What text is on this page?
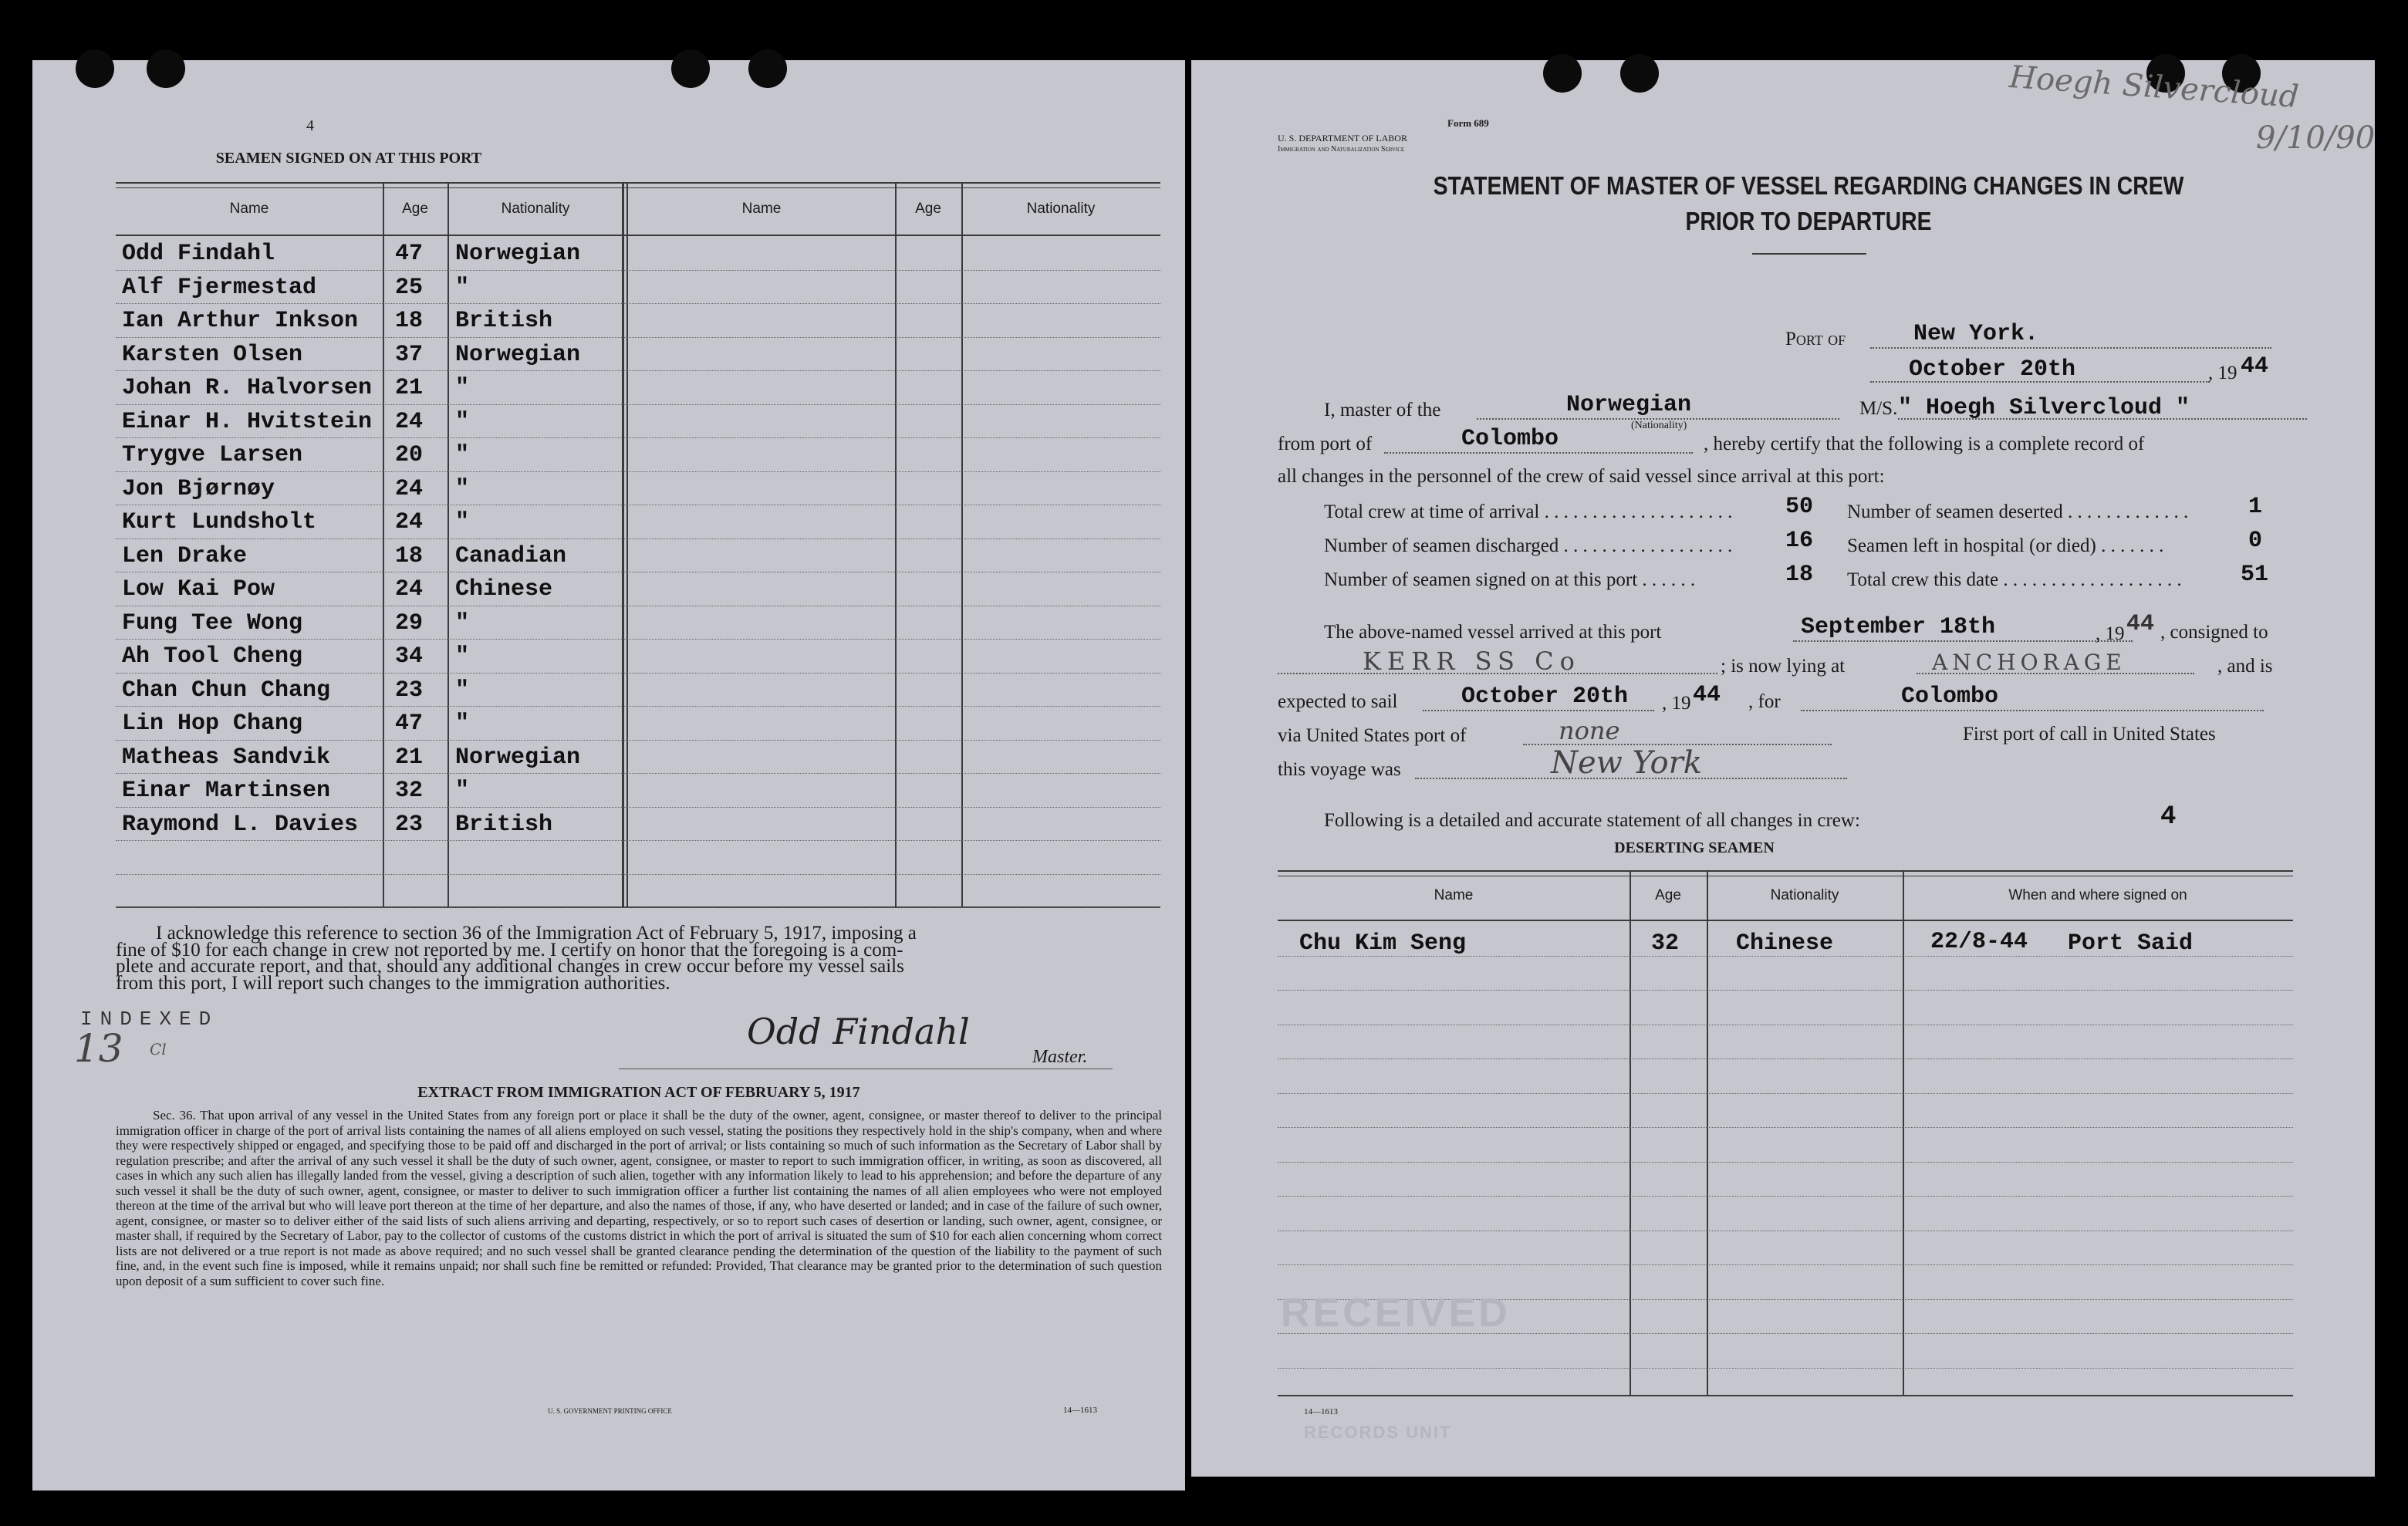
4
SEAMEN SIGNED ON AT THIS PORT
Name	Age	Nationality	Name	Age	Nationality
Odd Findahl	47 Norwegian
Alf Fjermestad	25 "
Ian Arthur Inkson 18 British
Karsten Olsen	37 Norwegian
Johan R. Halvorsen 21 "
Einar H. Hvitstein 24 "
Trygve Larsen	20 "
Jon Bjørnøy	24 "
Kurt Lundsholt	24 "
Len Drake	18 Canadian
Low Kai Pow	24 Chinese
Fung Tee Wong	29 "
Ah Tool Cheng	34 "
Chan Chun Chang	23 "
Lin Hop Chang	47 "
Matheas Sandvik	21 Norwegian
Einar Martinsen	32 "
Raymond L. Davies 23 British
I acknowledge this reference to section 36 of the Immigration Act of February 5, 1917, imposing a
fine of $10 for each change in crew not reported by me. I certify on honor that the foregoing is a com-
plete and accurate report, and that, should any additional changes in crew occur before my vessel sails
from this port, I will report such changes to the immigration authorities.
INDEXED
13 Cl	Odd Findahl
Master.
EXTRACT FROM IMMIGRATION ACT OF FEBRUARY 5, 1917
Sec. 36. That upon arrival of any vessel in the United States from any foreign port or place it shall be the duty of the owner, agent, consignee, or master thereof to deliver to the principal immigration officer in charge of the port of arrival lists containing the names of all aliens employed on such vessel, stating the positions they respectively hold in the ship's company, when and where they were respectively shipped or engaged, and specifying those to be paid off and discharged in the port of arrival; or lists containing so much of such information as the Secretary of Labor shall by regulation prescribe; and after the arrival of any such vessel it shall be the duty of such owner, agent, consignee, or master to report to such immigration officer, in writing, as soon as discovered, all cases in which any such alien has illegally landed from the vessel, giving a description of such alien, together with any information likely to lead to his apprehension; and before the departure of any such vessel it shall be the duty of such owner, agent, consignee, or master to deliver to such immigration officer a further list containing the names of all alien employees who were not employed thereon at the time of the arrival but who will leave port thereon at the time of her departure, and also the names of those, if any, who have deserted or landed; and in case of the failure of such owner, agent, consignee, or master so to deliver either of the said lists of such aliens arriving and departing, respectively, or so to report such cases of desertion or landing, such owner, agent, consignee, or master shall, if required by the Secretary of Labor, pay to the collector of customs of the customs district in which the port of arrival is situated the sum of $10 for each alien concerning whom correct lists are not delivered or a true report is not made as above required; and no such vessel shall be granted clearance pending the determination of the question of the liability to the payment of such fine, and, in the event such fine is imposed, while it remains unpaid; nor shall such fine be remitted or refunded: Provided, That clearance may be granted prior to the determination of such question upon deposit of a sum sufficient to cover such fine.
U. S. GOVERNMENT PRINTING OFFICE	14—1613
Hoegh Silvercloud
9/10/90
Form 689
U. S. DEPARTMENT OF LABOR
Immigration and Naturalization Service
STATEMENT OF MASTER OF VESSEL REGARDING CHANGES IN CREW
PRIOR TO DEPARTURE
Port of	New York.
October 20th	, 19 44
I, master of the	Norwegian
(Nationality)
M/S. " Hoegh Silvercloud "
from port of	Colombo	, hereby certify that the following is a complete record of
all changes in the personnel of the crew of said vessel since arrival at this port:
Total crew at time of arrival . . . . . . . . . . . . . . . . . . . .	50
Number of seamen discharged . . . . . . . . . . . . . . . . . .	16
Number of seamen signed on at this port . . . . . .	18
Number of seamen deserted . . . . . . . . . . . . .	1
Seamen left in hospital (or died) . . . . . . .	0
Total crew this date . . . . . . . . . . . . . . . . . . .	51
The above-named vessel arrived at this port	September 18th	, 19 44 , consigned to
KERR SS Co	; is now lying at	ANCHORAGE	, and is
expected to sail	October 20th , 19 44 , for	Colombo
via United States port of	none	First port of call in United States
this voyage was	New York
Following is a detailed and accurate statement of all changes in crew:	4
DESERTING SEAMEN
Name	Age	Nationality	When and where signed on
Chu Kim Seng	32 Chinese	22/8-44 Port Said
RECEIVED
14—1613
RECORDS UNIT
